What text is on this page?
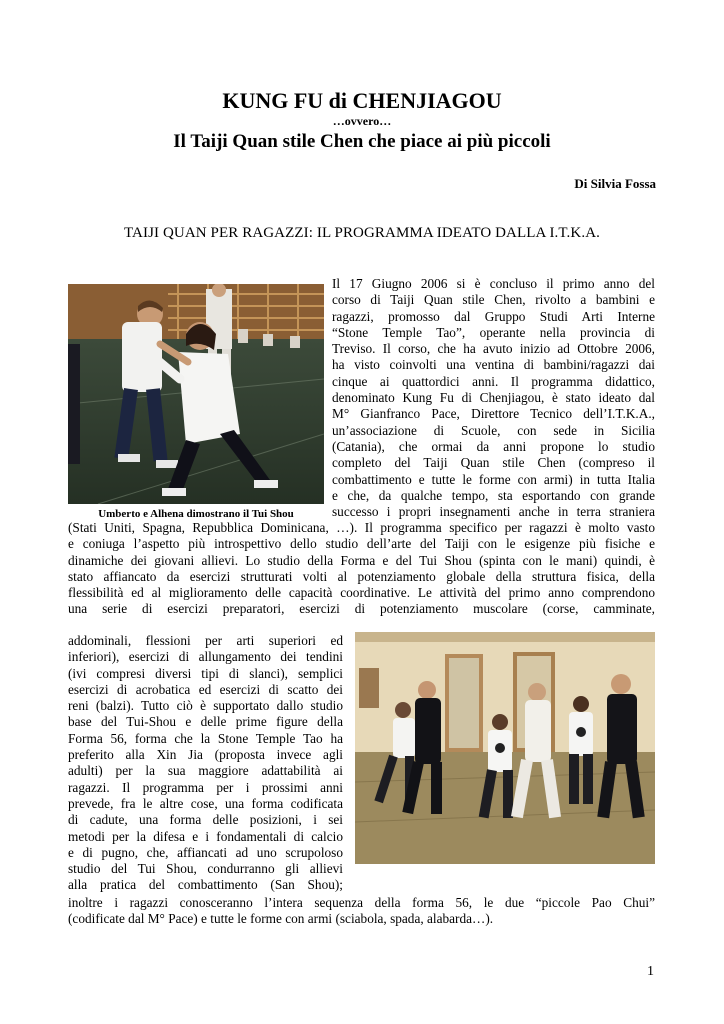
KUNG FU di CHENJIAGOU
…ovvero…
Il Taiji Quan stile Chen che piace ai più piccoli
Di Silvia Fossa
TAIJI QUAN PER RAGAZZI: IL PROGRAMMA IDEATO DALLA I.T.K.A.
Umberto e Alhena dimostrano il Tui Shou
Il 17 Giugno 2006 si è concluso il primo anno del
corso di Taiji Quan stile Chen, rivolto a bambini e
ragazzi, promosso dal Gruppo Studi Arti Interne
“Stone Temple Tao”, operante nella provincia di
Treviso. Il corso, che ha avuto inizio ad Ottobre 2006,
ha visto coinvolti una ventina di bambini/ragazzi dai
cinque ai quattordici anni. Il programma didattico,
denominato Kung Fu di Chenjiagou, è stato ideato dal
M° Gianfranco Pace, Direttore Tecnico dell’I.T.K.A.,
un’associazione di Scuole, con sede in Sicilia
(Catania), che ormai da anni propone lo studio
completo del Taiji Quan stile Chen (compreso il
combattimento e tutte le forme con armi) in tutta Italia
e che, da qualche tempo, sta esportando con grande
successo i propri insegnamenti anche in terra straniera
(Stati Uniti, Spagna, Repubblica Dominicana, …). Il programma specifico per ragazzi è molto vasto
e coniuga l’aspetto più introspettivo dello studio dell’arte del Taiji con le esigenze più fisiche e
dinamiche dei giovani allievi. Lo studio della Forma e del Tui Shou (spinta con le mani) quindi, è
stato affiancato da esercizi strutturati volti al potenziamento globale della struttura fisica, della
flessibilità ed al miglioramento delle capacità coordinative. Le attività del primo anno comprendono
una serie di esercizi preparatori, esercizi di potenziamento muscolare (corse, camminate,
addominali, flessioni per arti superiori ed
inferiori), esercizi di allungamento dei tendini
(ivi compresi diversi tipi di slanci), semplici
esercizi di acrobatica ed esercizi di scatto dei
reni (balzi). Tutto ciò è supportato dallo studio
base del Tui-Shou e delle prime figure della
Forma 56, forma che la Stone Temple Tao ha
preferito alla Xin Jia (proposta invece agli
adulti) per la sua maggiore adattabilità ai
ragazzi. Il programma per i prossimi anni
prevede, fra le altre cose, una forma codificata
di cadute, una forma delle posizioni, i sei
metodi per la difesa e i fondamentali di calcio
e di pugno, che, affiancati ad uno scrupoloso
studio del Tui Shou, condurranno gli allievi
alla pratica del combattimento (San Shou);
inoltre i ragazzi conosceranno l’intera sequenza della forma 56, le due “piccole Pao Chui”
(codificate dal M° Pace) e tutte le forme con armi (sciabola, spada, alabarda…).
1
